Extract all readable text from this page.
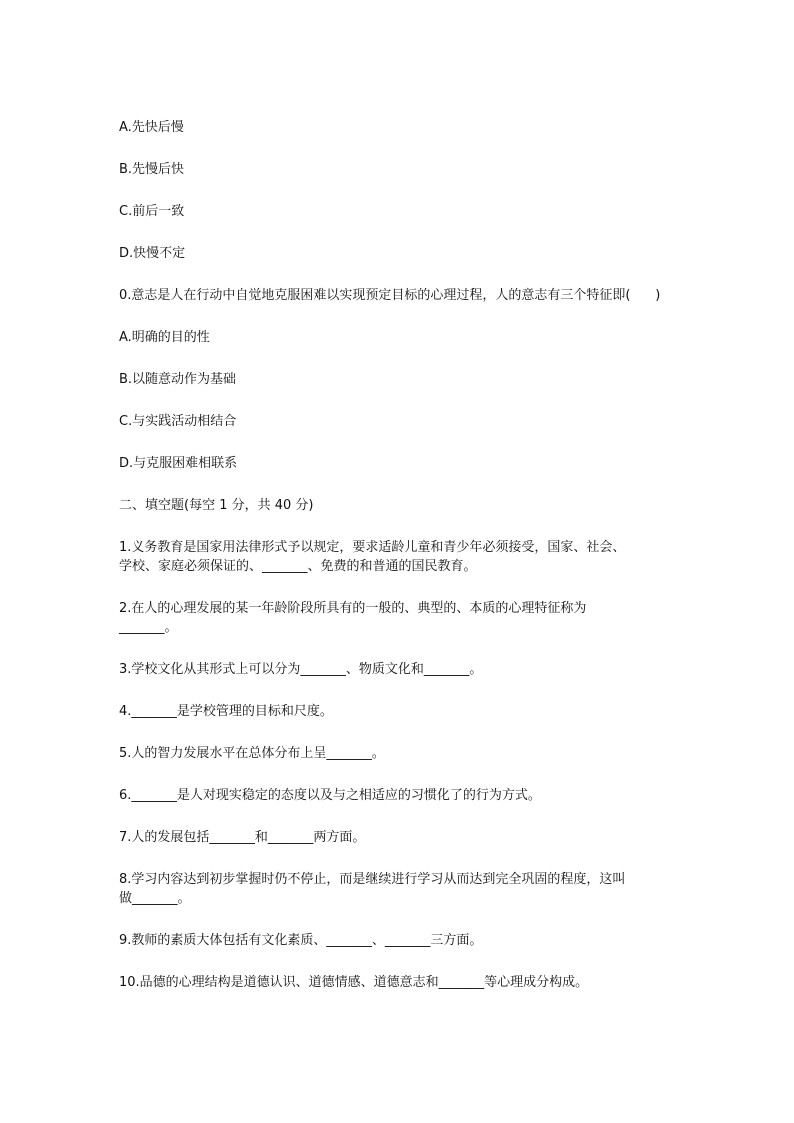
A.先快后慢
B.先慢后快
C.前后一致
D.快慢不定
0.意志是人在行动中自觉地克服困难以实现预定目标的心理过程，人的意志有三个特征即(      )
A.明确的目的性
B.以随意动作为基础
C.与实践活动相结合
D.与克服困难相联系
二、填空题(每空 1 分，共 40 分)
1.义务教育是国家用法律形式予以规定，要求适龄儿童和青少年必须接受，国家、社会、
学校、家庭必须保证的、_______、免费的和普通的国民教育。
2.在人的心理发展的某一年龄阶段所具有的一般的、典型的、本质的心理特征称为
_______。
3.学校文化从其形式上可以分为_______、物质文化和_______。
4._______是学校管理的目标和尺度。
5.人的智力发展水平在总体分布上呈_______。
6._______是人对现实稳定的态度以及与之相适应的习惯化了的行为方式。
7.人的发展包括_______和_______两方面。
8.学习内容达到初步掌握时仍不停止，而是继续进行学习从而达到完全巩固的程度，这叫
做_______。
9.教师的素质大体包括有文化素质、_______、_______三方面。
10.品德的心理结构是道德认识、道德情感、道德意志和_______等心理成分构成。
